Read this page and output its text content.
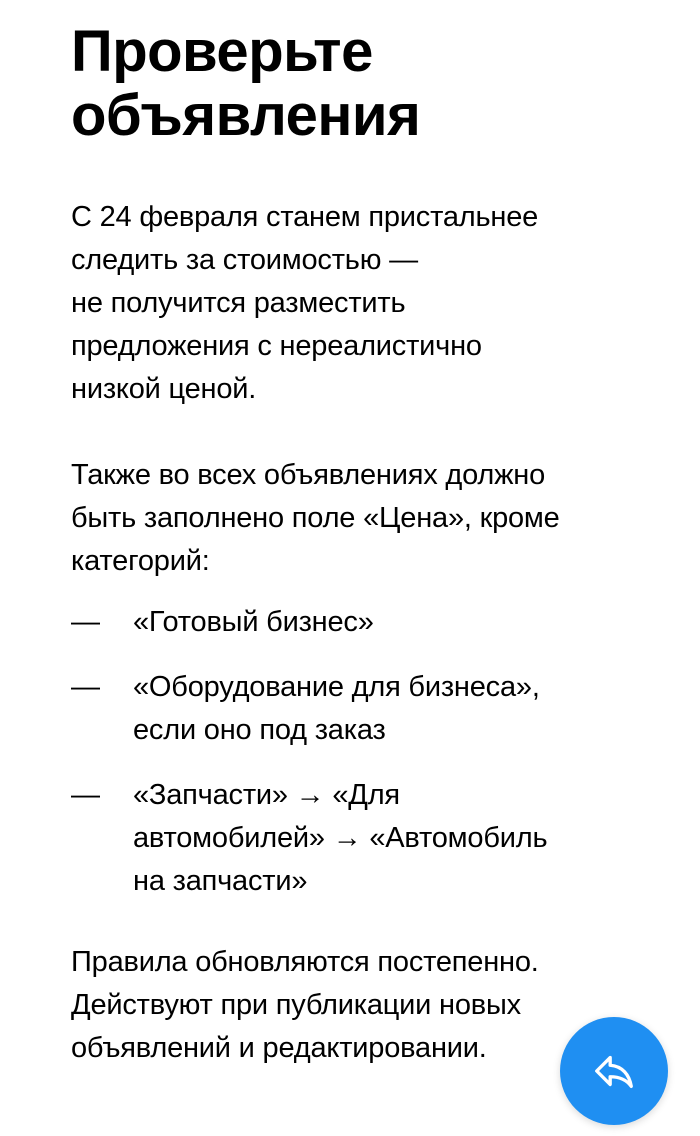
Проверьте
объявления

С 24 февраля станем пристальнее
следить за стоимостью —
не получится разместить
предложения с нереалистично
низкой ценой.

Также во всех объявлениях должно
быть заполнено поле «Цена», кроме
категорий:

—	«Готовый бизнес»
—	«Оборудование для бизнеса»,
если оно под заказ
—	«Запчасти» → «Для
автомобилей» → «Автомобиль
на запчасти»

Правила обновляются постепенно.
Действуют при публикации новых
объявлений и редактировании.
